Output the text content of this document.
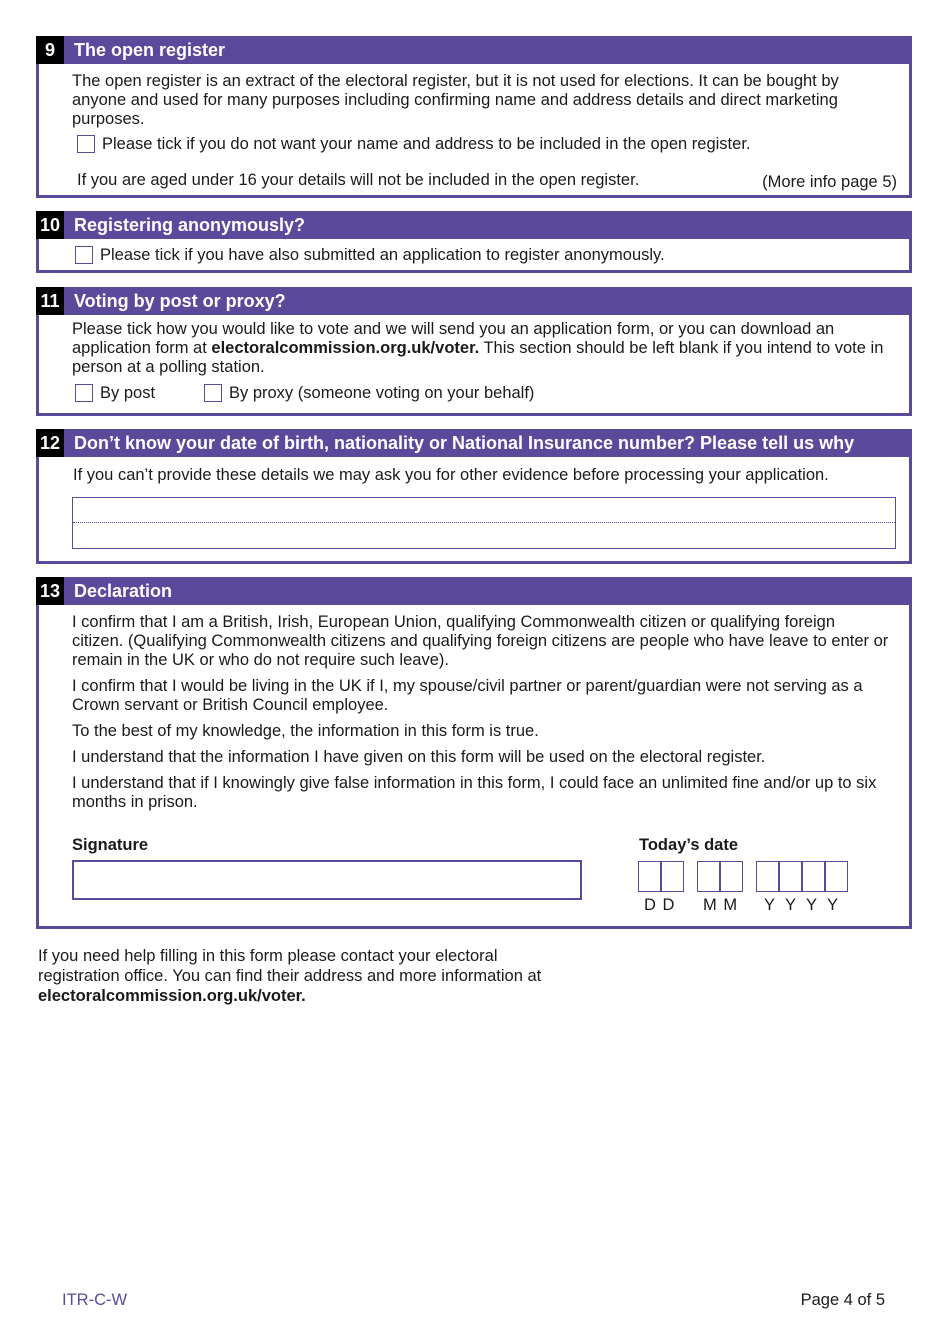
9	The open register

The open register is an extract of the electoral register, but it is not used for elections. It can be bought by anyone and used for many purposes including confirming name and address details and direct marketing purposes.

Please tick if you do not want your name and address to be included in the open register.
If you are aged under 16 your details will not be included in the open register.	(More info page 5)
10 Registering anonymously?
Please tick if you have also submitted an application to register anonymously.
11 Voting by post or proxy?

Please tick how you would like to vote and we will send you an application form, or you can download an application form at electoralcommission.org.uk/voter. This section should be left blank if you intend to vote in person at a polling station.

By post	By proxy (someone voting on your behalf)
12 Don’t know your date of birth, nationality or National Insurance number? Please tell us why
If you can’t provide these details we may ask you for other evidence before processing your application.
13 Declaration

I confirm that I am a British, Irish, European Union, qualifying Commonwealth citizen or qualifying foreign citizen. (Qualifying Commonwealth citizens and qualifying foreign citizens are people who have leave to enter or remain in the UK or who do not require such leave).

I confirm that I would be living in the UK if I, my spouse/civil partner or parent/guardian were not serving as a Crown servant or British Council employee.

To the best of my knowledge, the information in this form is true.

I understand that the information I have given on this form will be used on the electoral register.

I understand that if I knowingly give false information in this form, I could face an unlimited fine and/or up to six months in prison.

Signature	Today’s date
D D M M Y Y Y Y
If you need help filling in this form please contact your electoral registration office. You can find their address and more information at electoralcommission.org.uk/voter.
ITR-C-W	Page 4 of 5
